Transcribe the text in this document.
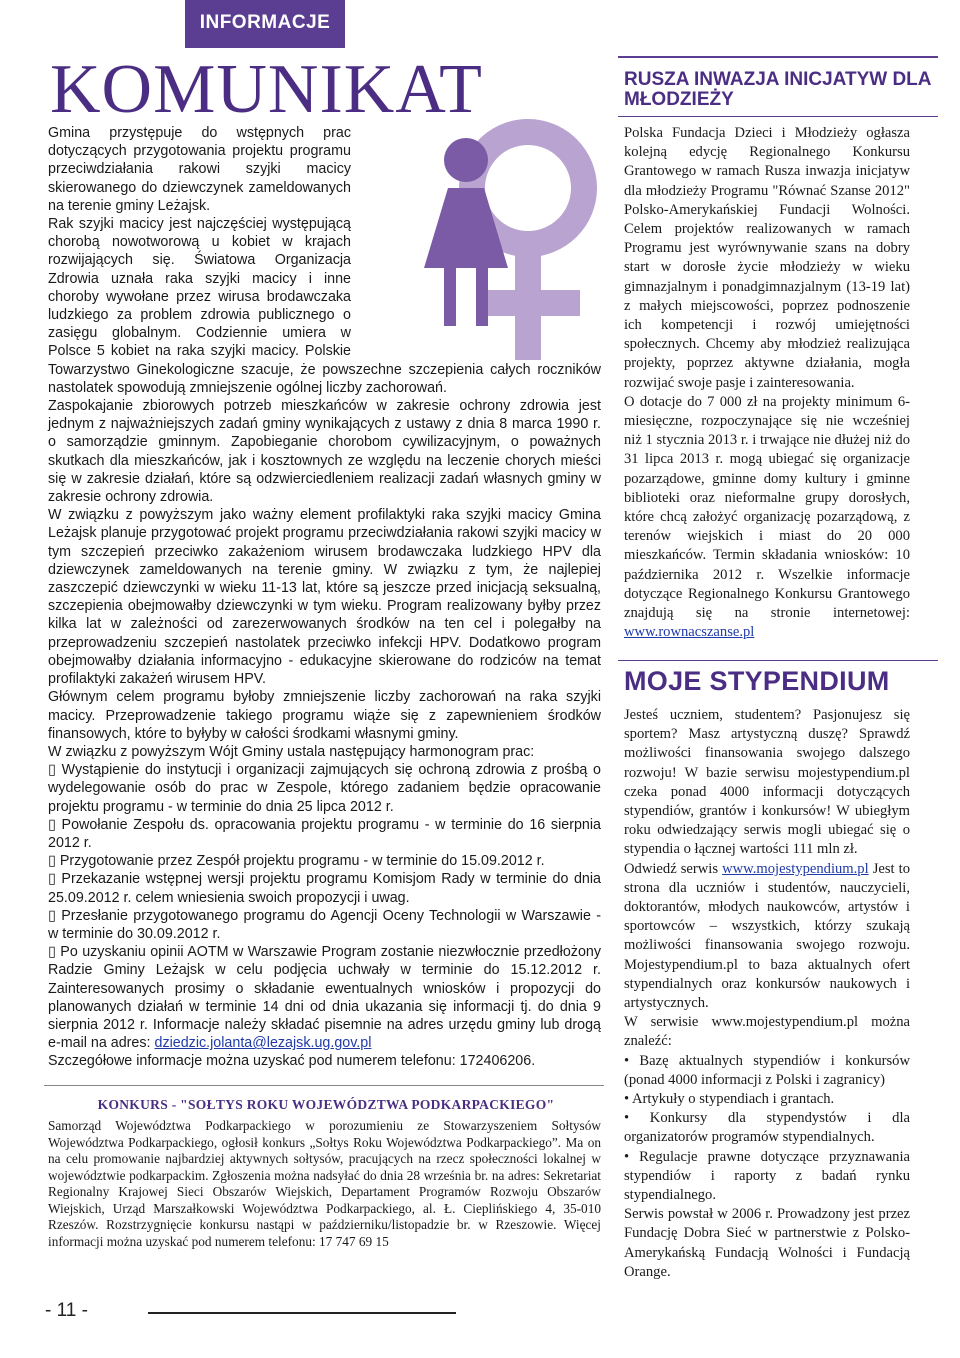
INFORMACJE
KOMUNIKAT

Gmina przystępuje do wstępnych prac dotyczących przygotowania projektu programu przeciwdziałania rakowi szyjki macicy skierowanego do dziewczynek zameldowanych na terenie gminy Leżajsk.

Rak szyjki macicy jest najczęściej występującą chorobą nowotworową u kobiet w krajach rozwijających się. Światowa Organizacja Zdrowia uznała raka szyjki macicy i inne choroby wywołane przez wirusa brodawczaka ludzkiego za problem zdrowia publicznego o zasięgu globalnym. Codziennie umiera w Polsce 5 kobiet na raka szyjki macicy. Polskie Towarzystwo Ginekologiczne szacuje, że powszechne szczepienia całych roczników nastolatek spowodują zmniejszenie ogólnej liczby zachorowań.

Zaspokajanie zbiorowych potrzeb mieszkańców w zakresie ochrony zdrowia jest jednym z najważniejszych zadań gminy wynikających z ustawy z dnia 8 marca 1990 r. o samorządzie gminnym. Zapobieganie chorobom cywilizacyjnym, o poważnych skutkach dla mieszkańców, jak i kosztownych ze względu na leczenie chorych mieści się w zakresie działań, które są odzwierciedleniem realizacji zadań własnych gminy w zakresie ochrony zdrowia.

W związku z powyższym jako ważny element profilaktyki raka szyjki macicy Gmina Leżajsk planuje przygotować projekt programu przeciwdziałania rakowi szyjki macicy w tym szczepień przeciwko zakażeniom wirusem brodawczaka ludzkiego HPV dla dziewczynek zameldowanych na terenie gminy. W związku z tym, że najlepiej zaszczepić dziewczynki w wieku 11-13 lat, które są jeszcze przed inicjacją seksualną, szczepienia obejmowałby dziewczynki w tym wieku. Program realizowany byłby przez kilka lat w zależności od zarezerwowanych środków na ten cel i polegałby na przeprowadzeniu szczepień nastolatek przeciwko infekcji HPV. Dodatkowo program obejmowałby działania informacyjno - edukacyjne skierowane do rodziców na temat profilaktyki zakażeń wirusem HPV.

Głównym celem programu byłoby zmniejszenie liczby zachorowań na raka szyjki macicy. Przeprowadzenie takiego programu wiąże się z zapewnieniem środków finansowych, które to byłyby w całości środkami własnymi gminy.

W związku z powyższym Wójt Gminy ustala następujący harmonogram prac:

▯ Wystąpienie do instytucji i organizacji zajmujących się ochroną zdrowia z prośbą o wydelegowanie osób do prac w Zespole, którego zadaniem będzie opracowanie projektu programu - w terminie do dnia 25 lipca 2012 r.

▯ Powołanie Zespołu ds. opracowania projektu programu - w terminie do 16 sierpnia 2012 r.

▯ Przygotowanie przez Zespół projektu programu - w terminie do 15.09.2012 r.

▯ Przekazanie wstępnej wersji projektu programu Komisjom Rady w terminie do dnia 25.09.2012 r. celem wniesienia swoich propozycji i uwag.

▯ Przesłanie przygotowanego programu do Agencji Oceny Technologii w Warszawie - w terminie do 30.09.2012 r.

▯ Po uzyskaniu opinii AOTM w Warszawie Program zostanie niezwłocznie przedłożony Radzie Gminy Leżajsk w celu podjęcia uchwały w terminie do 15.12.2012 r. Zainteresowanych prosimy o składanie ewentualnych wniosków i propozycji do planowanych działań w terminie 14 dni od dnia ukazania się informacji tj. do dnia 9 sierpnia 2012 r. Informacje należy składać pisemnie na adres urzędu gminy lub drogą e-mail na adres: dziedzic.jolanta@lezajsk.ug.gov.pl

Szczegółowe informacje można uzyskać pod numerem telefonu: 172406206.

KONKURS - "SOŁTYS ROKU WOJEWÓDZTWA PODKARPACKIEGO"
Samorząd Województwa Podkarpackiego w porozumieniu ze Stowarzyszeniem Sołtysów Województwa Podkarpackiego, ogłosił konkurs „Sołtys Roku Województwa Podkarpackiego”. Ma on na celu promowanie najbardziej aktywnych sołtysów, pracujących na rzecz społeczności lokalnej w województwie podkarpackim. Zgłoszenia można nadsyłać do dnia 28 września br. na adres: Sekretariat Regionalny Krajowej Sieci Obszarów Wiejskich, Departament Programów Rozwoju Obszarów Wiejskich, Urząd Marszałkowski Województwa Podkarpackiego, al. Ł. Cieplińskiego 4, 35-010 Rzeszów. Rozstrzygnięcie konkursu nastąpi w październiku/listopadzie br. w Rzeszowie. Więcej informacji można uzyskać pod numerem telefonu: 17 747 69 15
- 11 -
RUSZA INWAZJA INICJATYW DLA MŁODZIEŻY

Polska Fundacja Dzieci i Młodzieży ogłasza kolejną edycję Regionalnego Konkursu Grantowego w ramach Rusza inwazja inicjatyw dla młodzieży Programu "Równać Szanse 2012" Polsko-Amerykańskiej Fundacji Wolności. Celem projektów realizowanych w ramach Programu jest wyrównywanie szans na dobry start w dorosłe życie młodzieży w wieku gimnazjalnym i ponadgimnazjalnym (13-19 lat) z małych miejscowości, poprzez podnoszenie ich kompetencji i rozwój umiejętności społecznych. Chcemy aby młodzież realizująca projekty, poprzez aktywne działania, mogła rozwijać swoje pasje i zainteresowania.

O dotacje do 7 000 zł na projekty minimum 6-miesięczne, rozpoczynające się nie wcześniej niż 1 stycznia 2013 r. i trwające nie dłużej niż do 31 lipca 2013 r. mogą ubiegać się organizacje pozarządowe, gminne domy kultury i gminne biblioteki oraz nieformalne grupy dorosłych, które chcą założyć organizację pozarządową, z terenów wiejskich i miast do 20 000 mieszkańców. Termin składania wniosków: 10 października 2012 r. Wszelkie informacje dotyczące Regionalnego Konkursu Grantowego znajdują się na stronie internetowej: www.rownacszanse.pl

MOJE STYPENDIUM

Jesteś uczniem, studentem? Pasjonujesz się sportem? Masz artystyczną duszę? Sprawdź możliwości finansowania swojego dalszego rozwoju! W bazie serwisu mojestypendium.pl czeka ponad 4000 informacji dotyczących stypendiów, grantów i konkursów! W ubiegłym roku odwiedzający serwis mogli ubiegać się o stypendia o łącznej wartości 111 mln zł.

Odwiedź serwis www.mojestypendium.pl Jest to strona dla uczniów i studentów, nauczycieli, doktorantów, młodych naukowców, artystów i sportowców – wszystkich, którzy szukają możliwości finansowania swojego rozwoju. Mojestypendium.pl to baza aktualnych ofert stypendialnych oraz konkursów naukowych i artystycznych.

W serwisie www.mojestypendium.pl można znaleźć:

• Bazę aktualnych stypendiów i konkursów (ponad 4000 informacji z Polski i zagranicy)

• Artykuły o stypendiach i grantach.

• Konkursy dla stypendystów i dla organizatorów programów stypendialnych.

• Regulacje prawne dotyczące przyznawania stypendiów i raporty z badań rynku stypendialnego.

Serwis powstał w 2006 r. Prowadzony jest przez Fundację Dobra Sieć w partnerstwie z Polsko-Amerykańską Fundacją Wolności i Fundacją Orange.
